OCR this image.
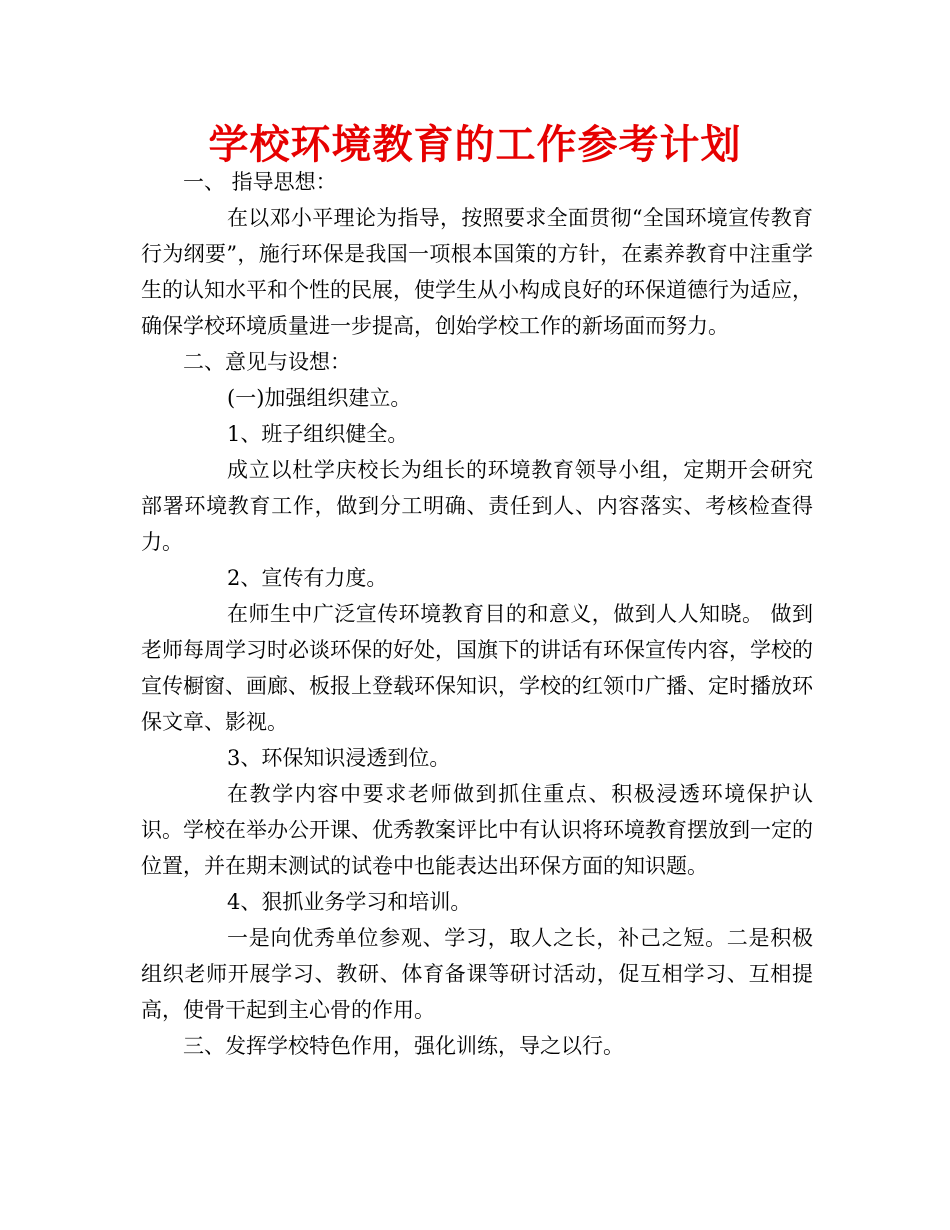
学校环境教育的工作参考计划

一、 指导思想：

在以邓小平理论为指导，按照要求全面贯彻“全国环境宣传教育行为纲要”，施行环保是我国一项根本国策的方针，在素养教育中注重学生的认知水平和个性的民展，使学生从小构成良好的环保道德行为适应，确保学校环境质量进一步提高，创始学校工作的新场面而努力。

二、意见与设想：

(一)加强组织建立。

1、班子组织健全。

成立以杜学庆校长为组长的环境教育领导小组，定期开会研究部署环境教育工作，做到分工明确、责任到人、内容落实、考核检查得力。

2、宣传有力度。

在师生中广泛宣传环境教育目的和意义，做到人人知晓。 做到老师每周学习时必谈环保的好处，国旗下的讲话有环保宣传内容，学校的宣传橱窗、画廊、板报上登载环保知识，学校的红领巾广播、定时播放环保文章、影视。

3、环保知识浸透到位。

在教学内容中要求老师做到抓住重点、积极浸透环境保护认识。学校在举办公开课、优秀教案评比中有认识将环境教育摆放到一定的位置，并在期末测试的试卷中也能表达出环保方面的知识题。

4、狠抓业务学习和培训。

一是向优秀单位参观、学习，取人之长，补己之短。二是积极组织老师开展学习、教研、体育备课等研讨活动，促互相学习、互相提高，使骨干起到主心骨的作用。

三、发挥学校特色作用，强化训练，导之以行。
